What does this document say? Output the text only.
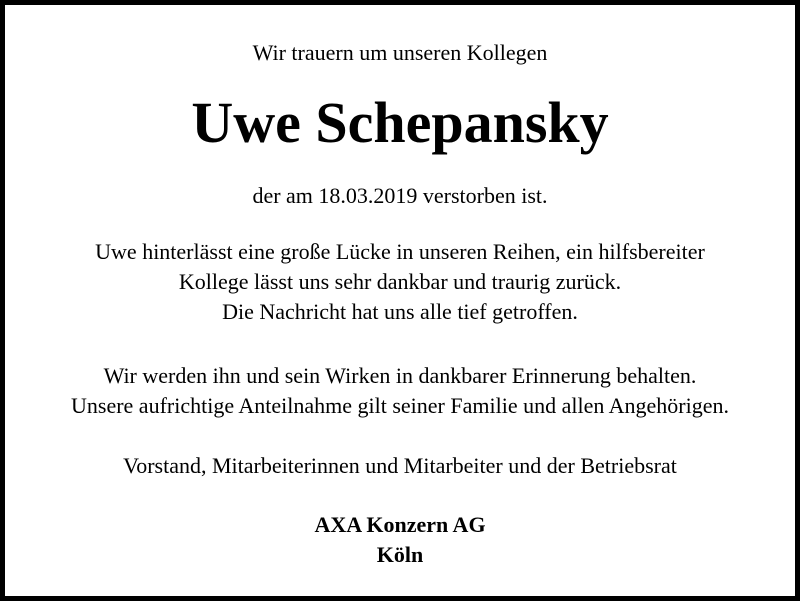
Wir trauern um unseren Kollegen
Uwe Schepansky
der am 18.03.2019 verstorben ist.
Uwe hinterlässt eine große Lücke in unseren Reihen, ein hilfsbereiter
Kollege lässt uns sehr dankbar und traurig zurück.
Die Nachricht hat uns alle tief getroffen.
Wir werden ihn und sein Wirken in dankbarer Erinnerung behalten.
Unsere aufrichtige Anteilnahme gilt seiner Familie und allen Angehörigen.
Vorstand, Mitarbeiterinnen und Mitarbeiter und der Betriebsrat
AXA Konzern AG
Köln
